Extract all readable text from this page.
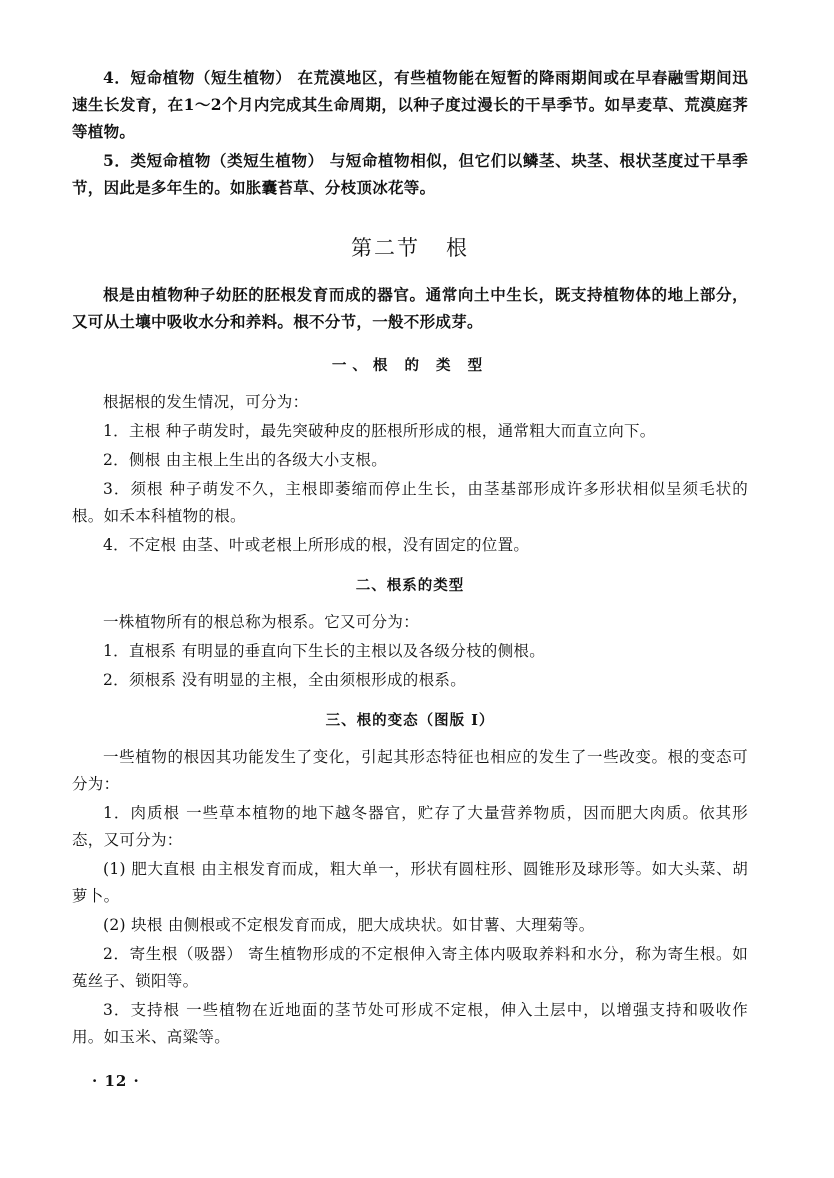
4．短命植物（短生植物） 在荒漠地区，有些植物能在短暂的降雨期间或在早春融雪期间迅速生长发育，在1～2个月内完成其生命周期，以种子度过漫长的干旱季节。如旱麦草、荒漠庭荠等植物。

5．类短命植物（类短生植物） 与短命植物相似，但它们以鳞茎、块茎、根状茎度过干旱季节，因此是多年生的。如胀囊苔草、分枝顶冰花等。

第二节 根

根是由植物种子幼胚的胚根发育而成的器官。通常向土中生长，既支持植物体的地上部分，又可从土壤中吸收水分和养料。根不分节，一般不形成芽。

一、根 的 类 型

根据根的发生情况，可分为：

1．主根 种子萌发时，最先突破种皮的胚根所形成的根，通常粗大而直立向下。

2．侧根 由主根上生出的各级大小支根。

3．须根 种子萌发不久，主根即萎缩而停止生长，由茎基部形成许多形状相似呈须毛状的根。如禾本科植物的根。

4．不定根 由茎、叶或老根上所形成的根，没有固定的位置。

二、根系的类型

一株植物所有的根总称为根系。它又可分为：

1．直根系 有明显的垂直向下生长的主根以及各级分枝的侧根。

2．须根系 没有明显的主根，全由须根形成的根系。

三、根的变态（图版 I）

一些植物的根因其功能发生了变化，引起其形态特征也相应的发生了一些改变。根的变态可分为：

1．肉质根 一些草本植物的地下越冬器官，贮存了大量营养物质，因而肥大肉质。依其形态，又可分为：

(1) 肥大直根 由主根发育而成，粗大单一，形状有圆柱形、圆锥形及球形等。如大头菜、胡萝卜。

(2) 块根 由侧根或不定根发育而成，肥大成块状。如甘薯、大理菊等。

2．寄生根（吸器） 寄生植物形成的不定根伸入寄主体内吸取养料和水分，称为寄生根。如菟丝子、锁阳等。

3．支持根 一些植物在近地面的茎节处可形成不定根，伸入土层中，以增强支持和吸收作用。如玉米、高粱等。

· 12 ·
